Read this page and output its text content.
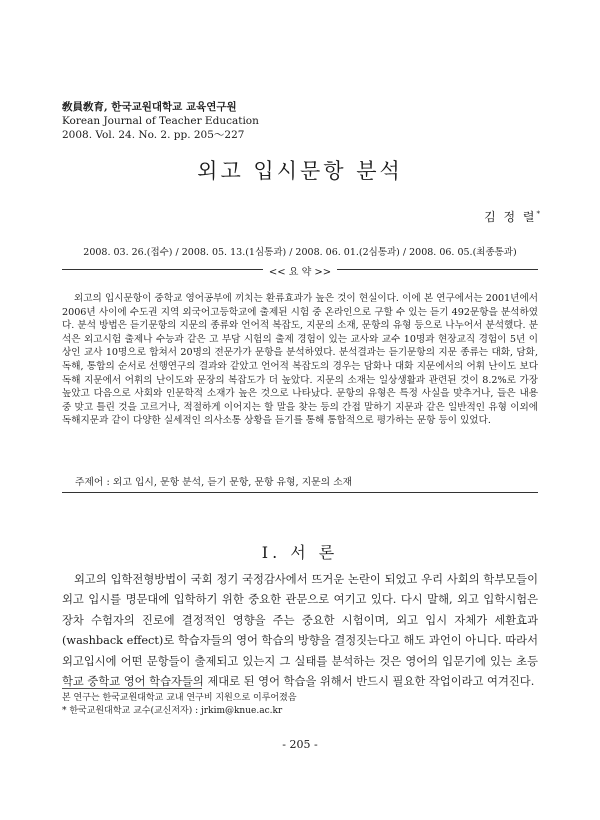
敎員敎育, 한국교원대학교 교육연구원
Korean Journal of Teacher Education
2008. Vol. 24. No. 2. pp. 205～227
외고 입시문항 분석
김 정 렬*
2008. 03. 26.(접수) / 2008. 05. 13.(1심통과) / 2008. 06. 01.(2심통과) / 2008. 06. 05.(최종통과)
<< 요 약 >>

외고의 입시문항이 중학교 영어공부에 끼치는 환류효과가 높은 것이 현실이다. 이에 본 연구에서는 2001년에서 2006년 사이에 수도권 지역 외국어고등학교에 출제된 시험 중 온라인으로 구할 수 있는 듣기 492문항을 분석하였다. 분석 방법은 듣기문항의 지문의 종류와 언어적 복잡도, 지문의 소재, 문항의 유형 등으로 나누어서 분석했다. 분석은 외고시험 출제나 수능과 같은 고 부담 시험의 출제 경험이 있는 교사와 교수 10명과 현장교직 경험이 5년 이상인 교사 10명으로 합쳐서 20명의 전문가가 문항을 분석하였다. 분석결과는 듣기문항의 지문 종류는 대화, 담화, 독해, 통합의 순서로 선행연구의 결과와 같았고 언어적 복잡도의 경우는 담화나 대화 지문에서의 어휘 난이도 보다 독해 지문에서 어휘의 난이도와 문장의 복잡도가 더 높았다. 지문의 소재는 일상생활과 관련된 것이 8.2%로 가장 높았고 다음으로 사회와 인문학적 소재가 높은 것으로 나타났다. 문항의 유형은 특정 사실을 맞추거나, 들은 내용 중 맞고 틀린 것을 고르거나, 적절하게 이어지는 할 말을 찾는 등의 간접 말하기 지문과 같은 일반적인 유형 이외에 독해지문과 같이 다양한 실세적인 의사소통 상황을 듣기를 통해 통합적으로 평가하는 문항 등이 있었다.

주제어 : 외고 입시, 문항 분석, 듣기 문항, 문항 유형, 지문의 소재
Ⅰ. 서 론

외고의 입학전형방법이 국회 정기 국정감사에서 뜨거운 논란이 되었고 우리 사회의 학부모들이 외고 입시를 명문대에 입학하기 위한 중요한 관문으로 여기고 있다. 다시 말해, 외고 입학시험은 장차 수험자의 진로에 결정적인 영향을 주는 중요한 시험이며, 외고 입시 자체가 세환효과(washback effect)로 학습자들의 영어 학습의 방향을 결정짓는다고 해도 과언이 아니다. 따라서 외고입시에 어떤 문항들이 출제되고 있는지 그 실태를 분석하는 것은 영어의 입문기에 있는 초등학교 중학교 영어 학습자들의 제대로 된 영어 학습을 위해서 반드시 필요한 작업이라고 여겨진다.

본 연구는 한국교원대학교 교내 연구비 지원으로 이루어졌음
* 한국교원대학교 교수(교신저자) : jrkim@knue.ac.kr
- 205 -
